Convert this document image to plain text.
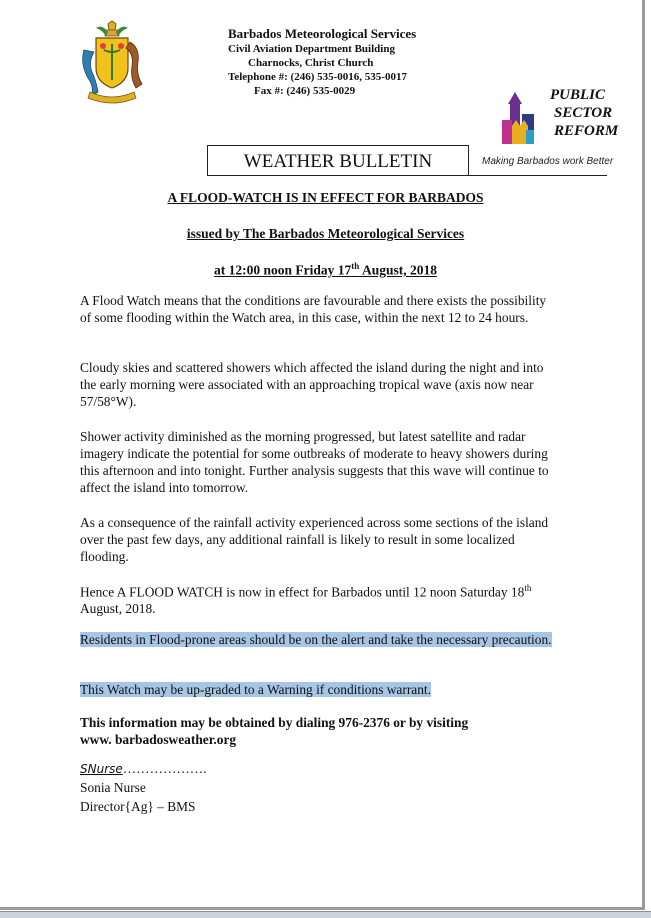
Barbados Meteorological Services
Civil Aviation Department Building
Charnocks, Christ Church
Telephone #: (246) 535-0016, 535-0017
Fax #: (246) 535-0029	PUBLIC
SECTOR
REFORM
Making Barbados work Better
WEATHER BULLETIN
A FLOOD-WATCH IS IN EFFECT FOR BARBADOS
issued by The Barbados Meteorological Services
at 12:00 noon Friday 17th August, 2018
A Flood Watch means that the conditions are favourable and there exists the possibility of some flooding within the Watch area, in this case, within the next 12 to 24 hours.
Cloudy skies and scattered showers which affected the island during the night and into the early morning were associated with an approaching tropical wave (axis now near 57/58°W).
Shower activity diminished as the morning progressed, but latest satellite and radar imagery indicate the potential for some outbreaks of moderate to heavy showers during this afternoon and into tonight. Further analysis suggests that this wave will continue to affect the island into tomorrow.
As a consequence of the rainfall activity experienced across some sections of the island over the past few days, any additional rainfall is likely to result in some localized flooding.
Hence A FLOOD WATCH is now in effect for Barbados until 12 noon Saturday 18th August, 2018.
Residents in Flood-prone areas should be on the alert and take the necessary precaution.
This Watch may be up-graded to a Warning if conditions warrant.
This information may be obtained by dialing 976-2376 or by visiting www. barbadosweather.org
SNurse……………….
Sonia Nurse
Director{Ag} – BMS
